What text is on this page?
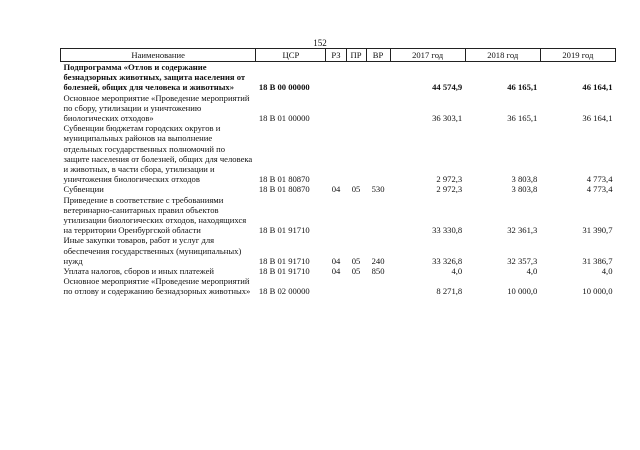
152
Наименование	ЦСР	РЗ	ПР	ВР	2017 год	2018 год	2019 год
Подпрограмма «Отлов и содержание безнадзорных животных, защита населения от болезней, общих для человека и животных»	18 В 00 00000				44 574,9	46 165,1	46 164,1
Основное мероприятие «Проведение мероприятий по сбору, утилизации и уничтожению биологических отходов»	18 В 01 00000				36 303,1	36 165,1	36 164,1
Субвенции бюджетам городских округов и муниципальных районов на выполнение отдельных государственных полномочий по защите населения от болезней, общих для человека и животных, в части сбора, утилизации и уничтожения биологических отходов	18 В 01 80870				2 972,3	3 803,8	4 773,4
Субвенции	18 В 01 80870	04	05	530	2 972,3	3 803,8	4 773,4
Приведение в соответствие с требованиями ветеринарно-санитарных правил объектов утилизации биологических отходов, находящихся на территории Оренбургской области	18 В 01 91710				33 330,8	32 361,3	31 390,7
Иные закупки товаров, работ и услуг для обеспечения государственных (муниципальных) нужд	18 В 01 91710	04	05	240	33 326,8	32 357,3	31 386,7
Уплата налогов, сборов и иных платежей	18 В 01 91710	04	05	850	4,0	4,0	4,0
Основное мероприятие «Проведение мероприятий по отлову и содержанию безнадзорных животных»	18 В 02 00000				8 271,8	10 000,0	10 000,0
